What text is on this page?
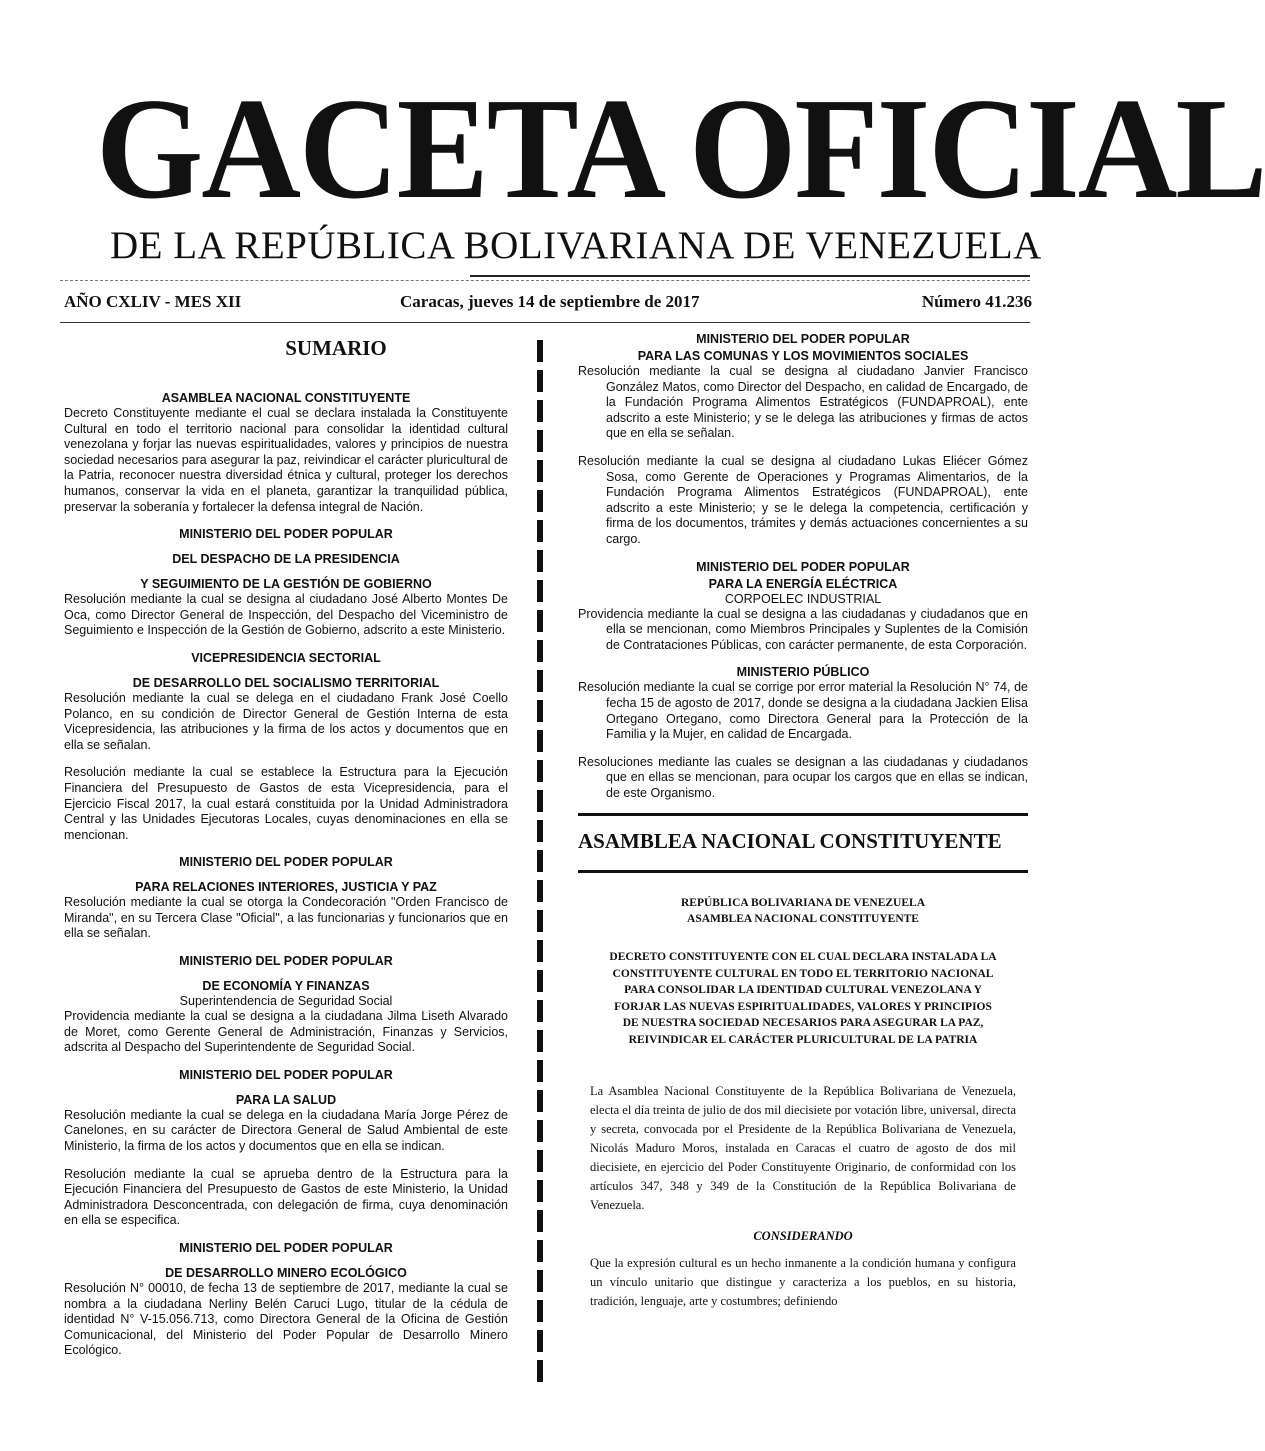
GACETA OFICIAL
DE LA REPÚBLICA BOLIVARIANA DE VENEZUELA
AÑO CXLIV - MES XII	Caracas, jueves 14 de septiembre de 2017	Número 41.236
SUMARIO
ASAMBLEA NACIONAL CONSTITUYENTE
Decreto Constituyente mediante el cual se declara instalada la Constituyente Cultural en todo el territorio nacional para consolidar la identidad cultural venezolana y forjar las nuevas espiritualidades, valores y principios de nuestra sociedad necesarios para asegurar la paz, reivindicar el carácter pluricultural de la Patria, reconocer nuestra diversidad étnica y cultural, proteger los derechos humanos, conservar la vida en el planeta, garantizar la tranquilidad pública, preservar la soberanía y fortalecer la defensa integral de Nación.
MINISTERIO DEL PODER POPULAR
DEL DESPACHO DE LA PRESIDENCIA
Y SEGUIMIENTO DE LA GESTIÓN DE GOBIERNO
Resolución mediante la cual se designa al ciudadano José Alberto Montes De Oca, como Director General de Inspección, del Despacho del Viceministro de Seguimiento e Inspección de la Gestión de Gobierno, adscrito a este Ministerio.
VICEPRESIDENCIA SECTORIAL
DE DESARROLLO DEL SOCIALISMO TERRITORIAL
Resolución mediante la cual se delega en el ciudadano Frank José Coello Polanco, en su condición de Director General de Gestión Interna de esta Vicepresidencia, las atribuciones y la firma de los actos y documentos que en ella se señalan.
Resolución mediante la cual se establece la Estructura para la Ejecución Financiera del Presupuesto de Gastos de esta Vicepresidencia, para el Ejercicio Fiscal 2017, la cual estará constituida por la Unidad Administradora Central y las Unidades Ejecutoras Locales, cuyas denominaciones en ella se mencionan.
MINISTERIO DEL PODER POPULAR
PARA RELACIONES INTERIORES, JUSTICIA Y PAZ
Resolución mediante la cual se otorga la Condecoración "Orden Francisco de Miranda", en su Tercera Clase "Oficial", a las funcionarias y funcionarios que en ella se señalan.
MINISTERIO DEL PODER POPULAR
DE ECONOMÍA Y FINANZAS
Superintendencia de Seguridad Social
Providencia mediante la cual se designa a la ciudadana Jilma Liseth Alvarado de Moret, como Gerente General de Administración, Finanzas y Servicios, adscrita al Despacho del Superintendente de Seguridad Social.
MINISTERIO DEL PODER POPULAR
PARA LA SALUD
Resolución mediante la cual se delega en la ciudadana María Jorge Pérez de Canelones, en su carácter de Directora General de Salud Ambiental de este Ministerio, la firma de los actos y documentos que en ella se indican.
Resolución mediante la cual se aprueba dentro de la Estructura para la Ejecución Financiera del Presupuesto de Gastos de este Ministerio, la Unidad Administradora Desconcentrada, con delegación de firma, cuya denominación en ella se especifica.
MINISTERIO DEL PODER POPULAR
DE DESARROLLO MINERO ECOLÓGICO
Resolución N° 00010, de fecha 13 de septiembre de 2017, mediante la cual se nombra a la ciudadana Nerliny Belén Caruci Lugo, titular de la cédula de identidad N° V-15.056.713, como Directora General de la Oficina de Gestión Comunicacional, del Ministerio del Poder Popular de Desarrollo Minero Ecológico.
MINISTERIO DEL PODER POPULAR
PARA LAS COMUNAS Y LOS MOVIMIENTOS SOCIALES
Resolución mediante la cual se designa al ciudadano Janvier Francisco González Matos, como Director del Despacho, en calidad de Encargado, de la Fundación Programa Alimentos Estratégicos (FUNDAPROAL), ente adscrito a este Ministerio; y se le delega las atribuciones y firmas de actos que en ella se señalan.
Resolución mediante la cual se designa al ciudadano Lukas Eliécer Gómez Sosa, como Gerente de Operaciones y Programas Alimentarios, de la Fundación Programa Alimentos Estratégicos (FUNDAPROAL), ente adscrito a este Ministerio; y se le delega la competencia, certificación y firma de los documentos, trámites y demás actuaciones concernientes a su cargo.
MINISTERIO DEL PODER POPULAR
PARA LA ENERGÍA ELÉCTRICA
CORPOELEC INDUSTRIAL
Providencia mediante la cual se designa a las ciudadanas y ciudadanos que en ella se mencionan, como Miembros Principales y Suplentes de la Comisión de Contrataciones Públicas, con carácter permanente, de esta Corporación.
MINISTERIO PÚBLICO
Resolución mediante la cual se corrige por error material la Resolución N° 74, de fecha 15 de agosto de 2017, donde se designa a la ciudadana Jackien Elisa Ortegano Ortegano, como Directora General para la Protección de la Familia y la Mujer, en calidad de Encargada.
Resoluciones mediante las cuales se designan a las ciudadanas y ciudadanos que en ellas se mencionan, para ocupar los cargos que en ellas se indican, de este Organismo.
ASAMBLEA NACIONAL CONSTITUYENTE
REPÚBLICA BOLIVARIANA DE VENEZUELA
ASAMBLEA NACIONAL CONSTITUYENTE
DECRETO CONSTITUYENTE CON EL CUAL DECLARA INSTALADA LA CONSTITUYENTE CULTURAL EN TODO EL TERRITORIO NACIONAL PARA CONSOLIDAR LA IDENTIDAD CULTURAL VENEZOLANA Y FORJAR LAS NUEVAS ESPIRITUALIDADES, VALORES Y PRINCIPIOS DE NUESTRA SOCIEDAD NECESARIOS PARA ASEGURAR LA PAZ, REIVINDICAR EL CARÁCTER PLURICULTURAL DE LA PATRIA
La Asamblea Nacional Constituyente de la República Bolivariana de Venezuela, electa el día treinta de julio de dos mil diecisiete por votación libre, universal, directa y secreta, convocada por el Presidente de la República Bolivariana de Venezuela, Nicolás Maduro Moros, instalada en Caracas el cuatro de agosto de dos mil diecisiete, en ejercicio del Poder Constituyente Originario, de conformidad con los artículos 347, 348 y 349 de la Constitución de la República Bolivariana de Venezuela.
CONSIDERANDO
Que la expresión cultural es un hecho inmanente a la condición humana y configura un vínculo unitario que distingue y caracteriza a los pueblos, en su historia, tradición, lenguaje, arte y costumbres; definiendo
